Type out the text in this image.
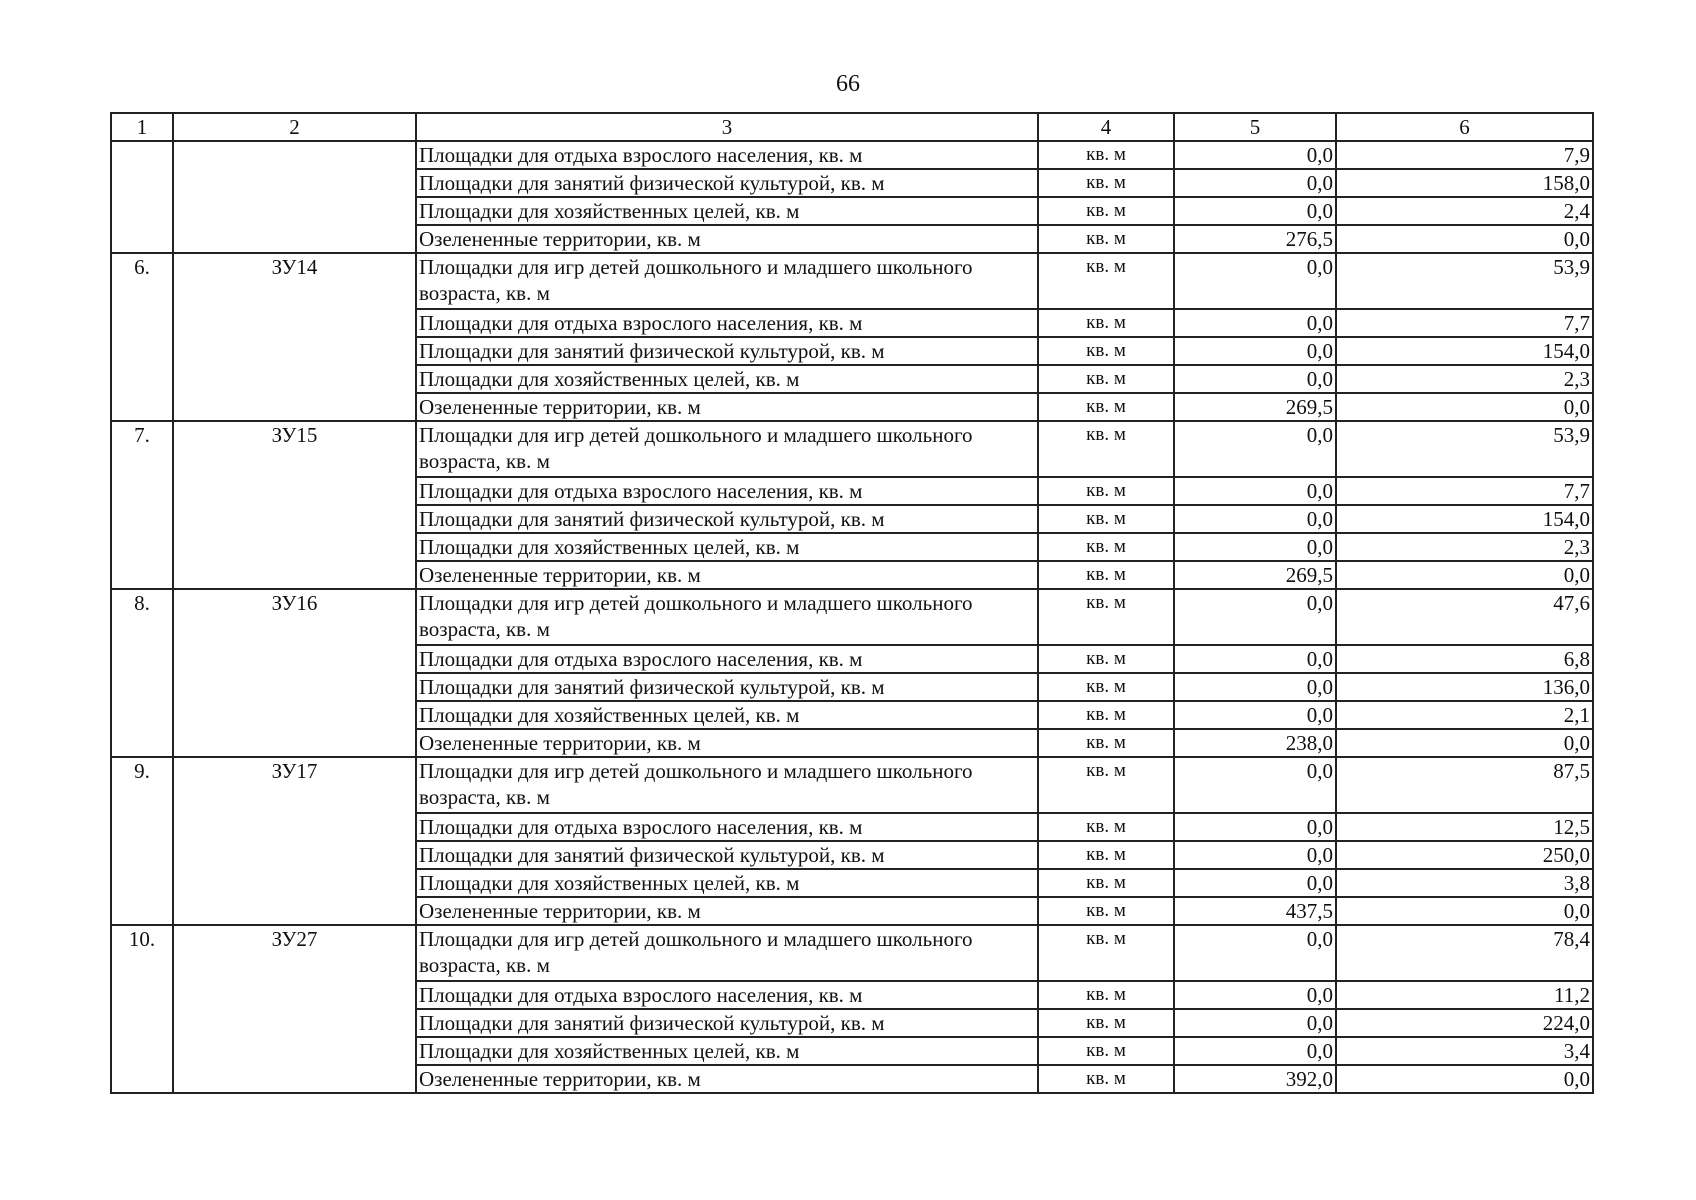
66
1	2	3	4	5	6
		Площадки для отдыха взрослого населения, кв. м	кв. м	0,0	7,9
		Площадки для занятий физической культурой, кв. м	кв. м	0,0	158,0
		Площадки для хозяйственных целей, кв. м	кв. м	0,0	2,4
		Озелененные территории, кв. м	кв. м	276,5	0,0
6.	ЗУ14	Площадки для игр детей дошкольного и младшего школьного возраста, кв. м	кв. м	0,0	53,9
		Площадки для отдыха взрослого населения, кв. м	кв. м	0,0	7,7
		Площадки для занятий физической культурой, кв. м	кв. м	0,0	154,0
		Площадки для хозяйственных целей, кв. м	кв. м	0,0	2,3
		Озелененные территории, кв. м	кв. м	269,5	0,0
7.	ЗУ15	Площадки для игр детей дошкольного и младшего школьного возраста, кв. м	кв. м	0,0	53,9
		Площадки для отдыха взрослого населения, кв. м	кв. м	0,0	7,7
		Площадки для занятий физической культурой, кв. м	кв. м	0,0	154,0
		Площадки для хозяйственных целей, кв. м	кв. м	0,0	2,3
		Озелененные территории, кв. м	кв. м	269,5	0,0
8.	ЗУ16	Площадки для игр детей дошкольного и младшего школьного возраста, кв. м	кв. м	0,0	47,6
		Площадки для отдыха взрослого населения, кв. м	кв. м	0,0	6,8
		Площадки для занятий физической культурой, кв. м	кв. м	0,0	136,0
		Площадки для хозяйственных целей, кв. м	кв. м	0,0	2,1
		Озелененные территории, кв. м	кв. м	238,0	0,0
9.	ЗУ17	Площадки для игр детей дошкольного и младшего школьного возраста, кв. м	кв. м	0,0	87,5
		Площадки для отдыха взрослого населения, кв. м	кв. м	0,0	12,5
		Площадки для занятий физической культурой, кв. м	кв. м	0,0	250,0
		Площадки для хозяйственных целей, кв. м	кв. м	0,0	3,8
		Озелененные территории, кв. м	кв. м	437,5	0,0
10.	ЗУ27	Площадки для игр детей дошкольного и младшего школьного возраста, кв. м	кв. м	0,0	78,4
		Площадки для отдыха взрослого населения, кв. м	кв. м	0,0	11,2
		Площадки для занятий физической культурой, кв. м	кв. м	0,0	224,0
		Площадки для хозяйственных целей, кв. м	кв. м	0,0	3,4
		Озелененные территории, кв. м	кв. м	392,0	0,0
